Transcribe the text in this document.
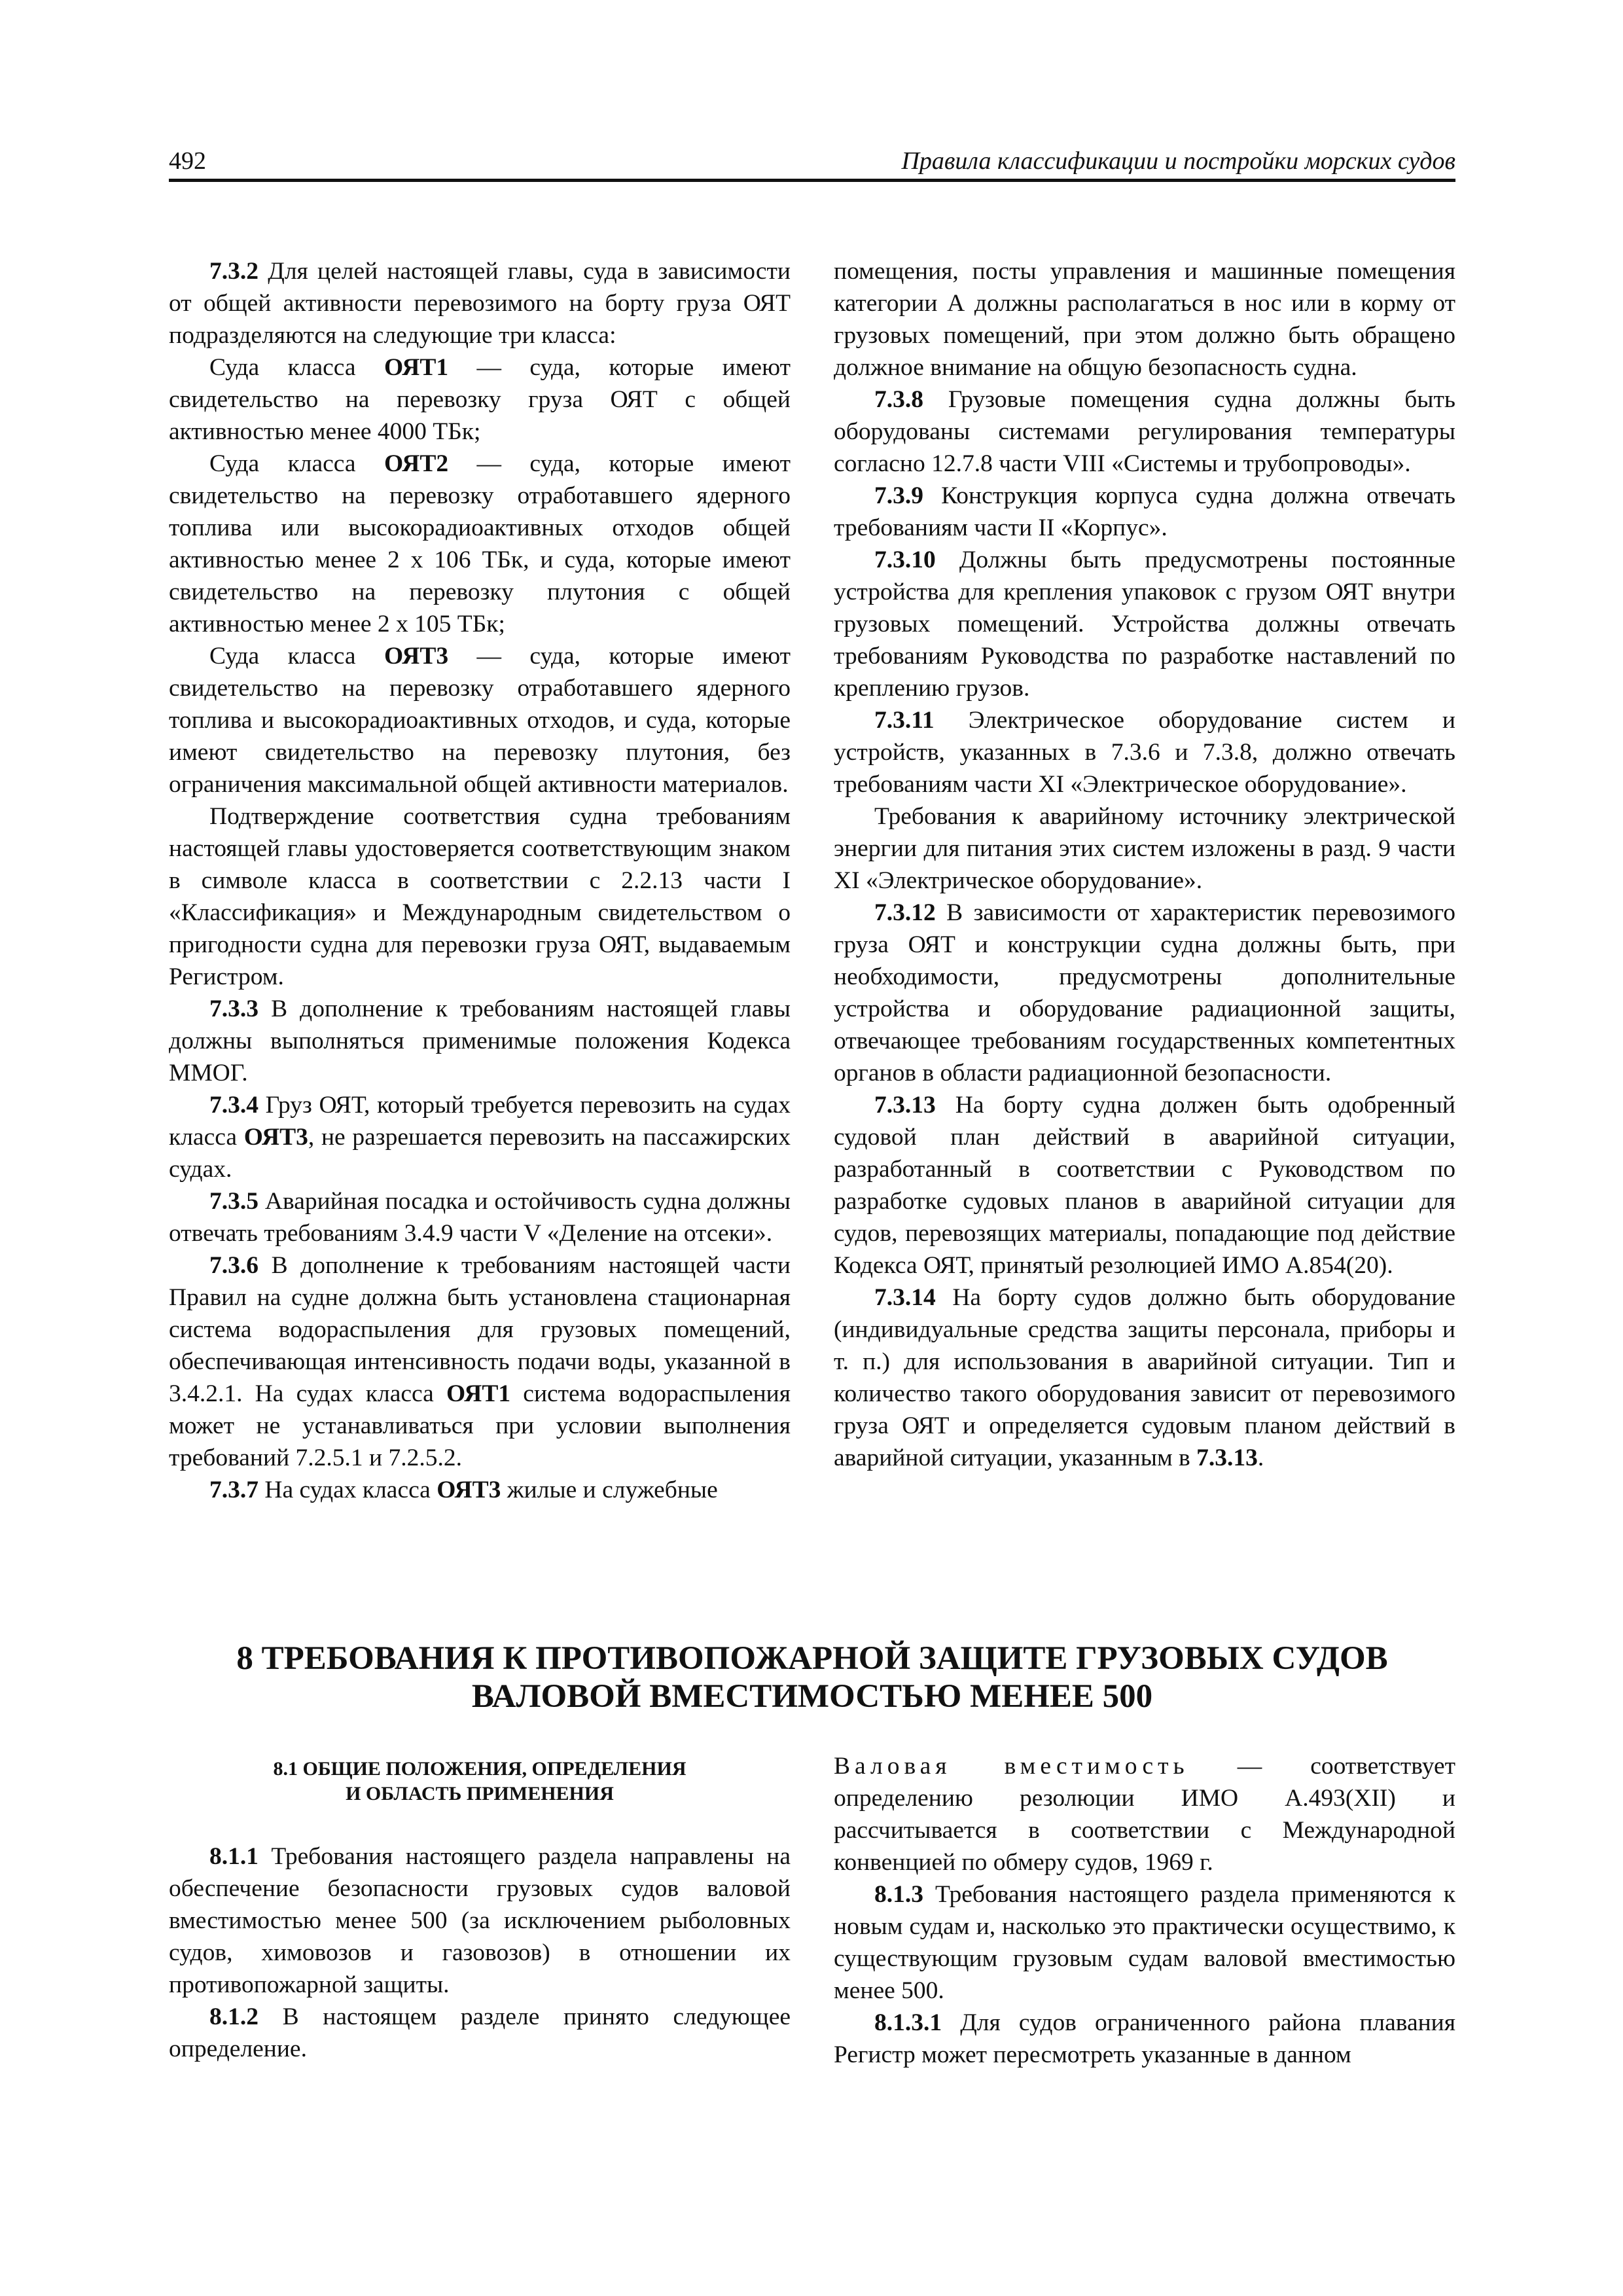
492	Правила классификации и постройки морских судов

7.3.2 Для целей настоящей главы, суда в зависимости от общей активности перевозимого на борту груза ОЯТ подразделяются на следующие три класса:

Суда класса ОЯТ1 — суда, которые имеют свидетельство на перевозку груза ОЯТ с общей активностью менее 4000 ТБк;

Суда класса ОЯТ2 — суда, которые имеют свидетельство на перевозку отработавшего ядерного топлива или высокорадиоактивных отходов общей активностью менее 2 х 106 ТБк, и суда, которые имеют свидетельство на перевозку плутония с общей активностью менее 2 х 105 ТБк;

Суда класса ОЯТ3 — суда, которые имеют свидетельство на перевозку отработавшего ядерного топлива и высокорадиоактивных отходов, и суда, которые имеют свидетельство на перевозку плутония, без ограничения максимальной общей активности материалов.

Подтверждение соответствия судна требованиям настоящей главы удостоверяется соответствующим знаком в символе класса в соответствии с 2.2.13 части I «Классификация» и Международным свидетельством о пригодности судна для перевозки груза ОЯТ, выдаваемым Регистром.

7.3.3 В дополнение к требованиям настоящей главы должны выполняться применимые положения Кодекса ММОГ.

7.3.4 Груз ОЯТ, который требуется перевозить на судах класса ОЯТ3, не разрешается перевозить на пассажирских судах.

7.3.5 Аварийная посадка и остойчивость судна должны отвечать требованиям 3.4.9 части V «Деление на отсеки».

7.3.6 В дополнение к требованиям настоящей части Правил на судне должна быть установлена стационарная система водораспыления для грузовых помещений, обеспечивающая интенсивность подачи воды, указанной в 3.4.2.1. На судах класса ОЯТ1 система водораспыления может не устанавливаться при условии выполнения требований 7.2.5.1 и 7.2.5.2.

7.3.7 На судах класса ОЯТ3 жилые и служебные

помещения, посты управления и машинные помещения категории А должны располагаться в нос или в корму от грузовых помещений, при этом должно быть обращено должное внимание на общую безопасность судна.

7.3.8 Грузовые помещения судна должны быть оборудованы системами регулирования температуры согласно 12.7.8 части VIII «Системы и трубопроводы».

7.3.9 Конструкция корпуса судна должна отвечать требованиям части II «Корпус».

7.3.10 Должны быть предусмотрены постоянные устройства для крепления упаковок с грузом ОЯТ внутри грузовых помещений. Устройства должны отвечать требованиям Руководства по разработке наставлений по креплению грузов.

7.3.11 Электрическое оборудование систем и устройств, указанных в 7.3.6 и 7.3.8, должно отвечать требованиям части XI «Электрическое оборудование».

Требования к аварийному источнику электрической энергии для питания этих систем изложены в разд. 9 части XI «Электрическое оборудование».

7.3.12 В зависимости от характеристик перевозимого груза ОЯТ и конструкции судна должны быть, при необходимости, предусмотрены дополнительные устройства и оборудование радиационной защиты, отвечающее требованиям государственных компетентных органов в области радиационной безопасности.

7.3.13 На борту судна должен быть одобренный судовой план действий в аварийной ситуации, разработанный в соответствии с Руководством по разработке судовых планов в аварийной ситуации для судов, перевозящих материалы, попадающие под действие Кодекса ОЯТ, принятый резолюцией ИМО А.854(20).

7.3.14 На борту судов должно быть оборудование (индивидуальные средства защиты персонала, приборы и т. п.) для использования в аварийной ситуации. Тип и количество такого оборудования зависит от перевозимого груза ОЯТ и определяется судовым планом действий в аварийной ситуации, указанным в 7.3.13.

8 ТРЕБОВАНИЯ К ПРОТИВОПОЖАРНОЙ ЗАЩИТЕ ГРУЗОВЫХ СУДОВ
ВАЛОВОЙ ВМЕСТИМОСТЬЮ МЕНЕЕ 500
8.1 ОБЩИЕ ПОЛОЖЕНИЯ, ОПРЕДЕЛЕНИЯ
И ОБЛАСТЬ ПРИМЕНЕНИЯ

8.1.1 Требования настоящего раздела направлены на обеспечение безопасности грузовых судов валовой вместимостью менее 500 (за исключением рыболовных судов, химовозов и газовозов) в отношении их противопожарной защиты.

8.1.2 В настоящем разделе принято следующее определение.

Валовая вместимость — соответствует определению резолюции ИМО А.493(XII) и рассчитывается в соответствии с Международной конвенцией по обмеру судов, 1969 г.

8.1.3 Требования настоящего раздела применяются к новым судам и, насколько это практически осуществимо, к существующим грузовым судам валовой вместимостью менее 500.

8.1.3.1 Для судов ограниченного района плавания Регистр может пересмотреть указанные в данном
